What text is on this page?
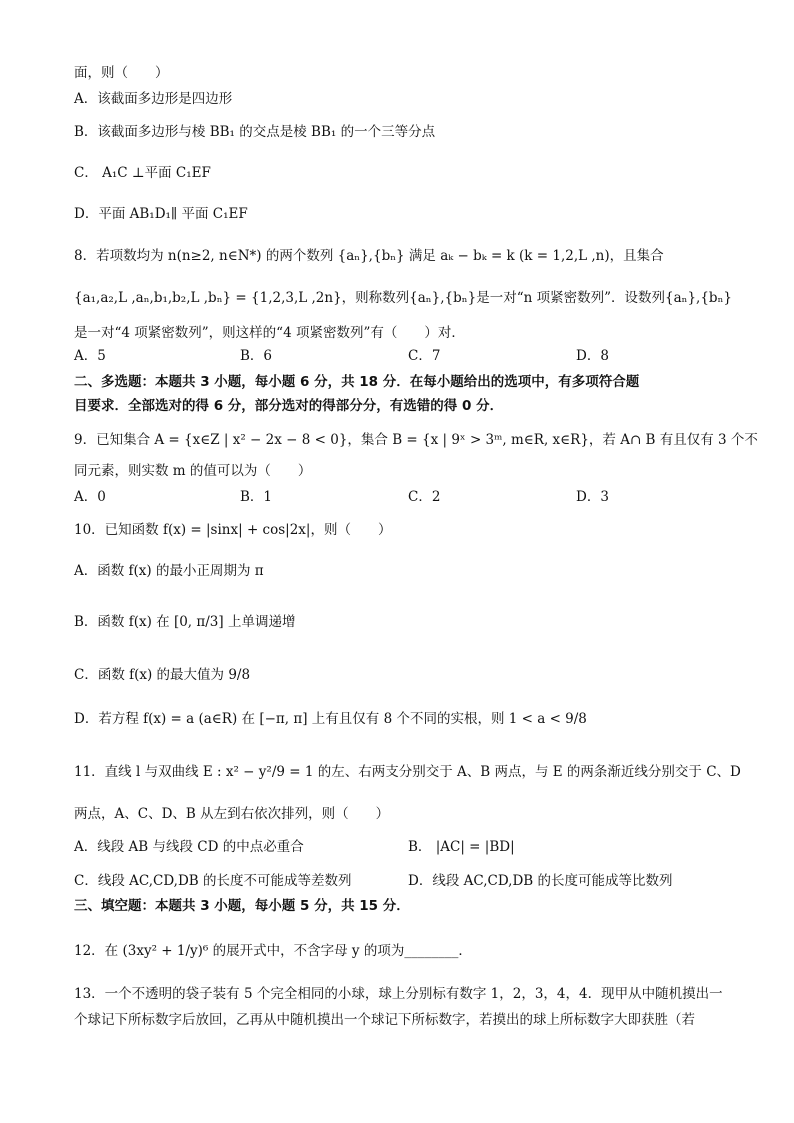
面，则（　　）
A．该截面多边形是四边形
B．该截面多边形与棱 BB₁ 的交点是棱 BB₁ 的一个三等分点
C． A₁C ⊥平面 C₁EF
D．平面 AB₁D₁∥ 平面 C₁EF
8．若项数均为 n(n≥2, n∈N*) 的两个数列 {aₙ},{bₙ} 满足 aₖ − bₖ = k (k = 1,2,L ,n)，且集合
{a₁,a₂,L ,aₙ,b₁,b₂,L ,bₙ} = {1,2,3,L ,2n}，则称数列{aₙ},{bₙ}是一对“n 项紧密数列”．设数列{aₙ},{bₙ}
是一对“4 项紧密数列”，则这样的“4 项紧密数列”有（　　）对．
A．5	B．6	C．7	D．8
二、多选题：本题共 3 小题，每小题 6 分，共 18 分．在每小题给出的选项中，有多项符合题
目要求．全部选对的得 6 分，部分选对的得部分分，有选错的得 0 分．
9．已知集合 A = {x∈Z | x² − 2x − 8 < 0}，集合 B = {x | 9ˣ > 3ᵐ, m∈R, x∈R}，若 A∩ B 有且仅有 3 个不
同元素，则实数 m 的值可以为（　　）
A．0	B．1	C．2	D．3
10．已知函数 f(x) = |sinx| + cos|2x|，则（　　）
A．函数 f(x) 的最小正周期为 π
B．函数 f(x) 在 [0, π/3] 上单调递增
C．函数 f(x) 的最大值为 9/8
D．若方程 f(x) = a (a∈R) 在 [−π, π] 上有且仅有 8 个不同的实根，则 1 < a < 9/8
11．直线 l 与双曲线 E : x² − y²/9 = 1 的左、右两支分别交于 A、B 两点，与 E 的两条渐近线分别交于 C、D
两点，A、C、D、B 从左到右依次排列，则（　　）
A．线段 AB 与线段 CD 的中点必重合	B． |AC| = |BD|
C．线段 AC,CD,DB 的长度不可能成等差数列	D．线段 AC,CD,DB 的长度可能成等比数列
三、填空题：本题共 3 小题，每小题 5 分，共 15 分．
12．在 (3xy² + 1/y)⁶ 的展开式中，不含字母 y 的项为________．
13．一个不透明的袋子装有 5 个完全相同的小球，球上分别标有数字 1，2，3，4，4．现甲从中随机摸出一
个球记下所标数字后放回，乙再从中随机摸出一个球记下所标数字，若摸出的球上所标数字大即获胜（若
